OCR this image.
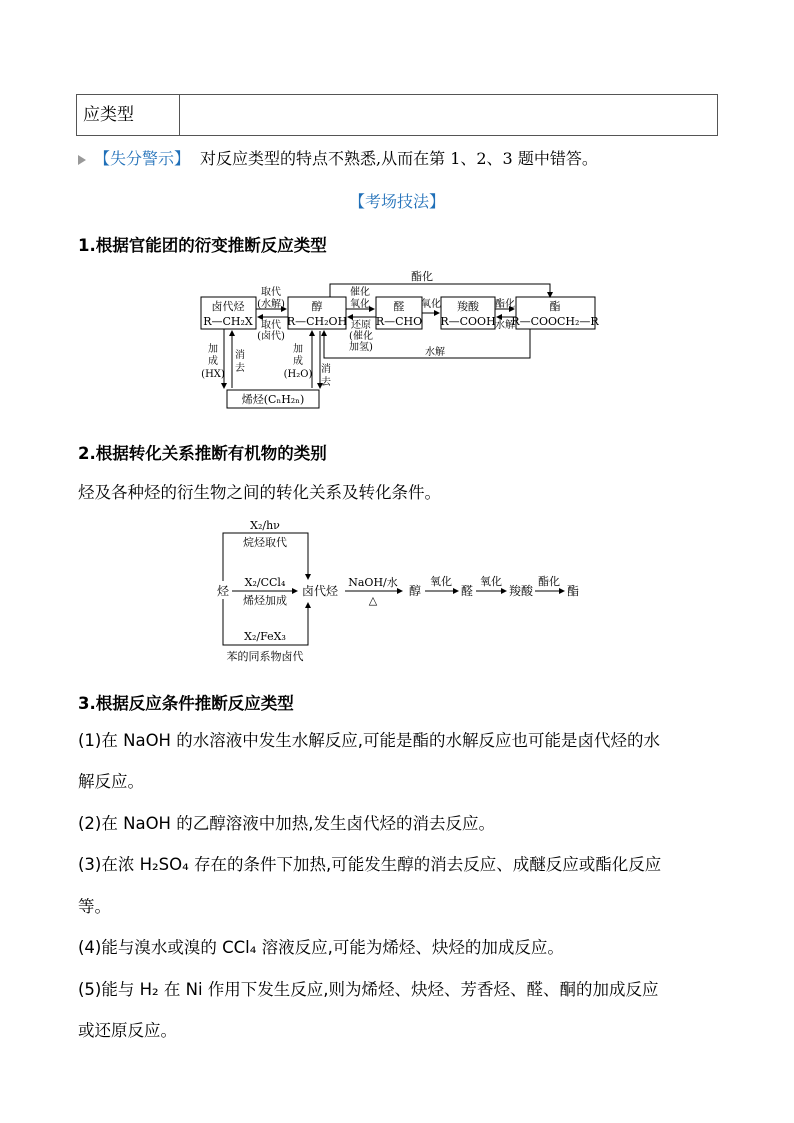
应类型
【失分警示】 对反应类型的特点不熟悉,从而在第 1、2、3 题中错答。
【考场技法】
1.根据官能团的衍变推断反应类型
卤代烃
R—CH₂X
醇
R—CH₂OH
醛
R—CHO
羧酸
R—COOH
酯
R—COOCH₂—R
烯烃(CₙH₂ₙ)
酯化
取代
(水解)
取代
(卤代)
催化
氧化
还原
(催化
加氢)
氧化	酯化
水解
水解
加
成
(HX)
消
去
加
成
(H₂O) 消
去
2.根据转化关系推断有机物的类别
烃及各种烃的衍生物之间的转化关系及转化条件。
烃
X₂/hν
烷烃取代
X₂/CCl₄
烯烃加成
X₂/FeX₃
苯的同系物卤代
卤代烃
NaOH/水
△
醇
氧化
醛
氧化
羧酸
酯化
酯
3.根据反应条件推断反应类型
(1)在 NaOH 的水溶液中发生水解反应,可能是酯的水解反应也可能是卤代烃的水
解反应。
(2)在 NaOH 的乙醇溶液中加热,发生卤代烃的消去反应。
(3)在浓 H₂SO₄ 存在的条件下加热,可能发生醇的消去反应、成醚反应或酯化反应
等。
(4)能与溴水或溴的 CCl₄ 溶液反应,可能为烯烃、炔烃的加成反应。
(5)能与 H₂ 在 Ni 作用下发生反应,则为烯烃、炔烃、芳香烃、醛、酮的加成反应
或还原反应。
